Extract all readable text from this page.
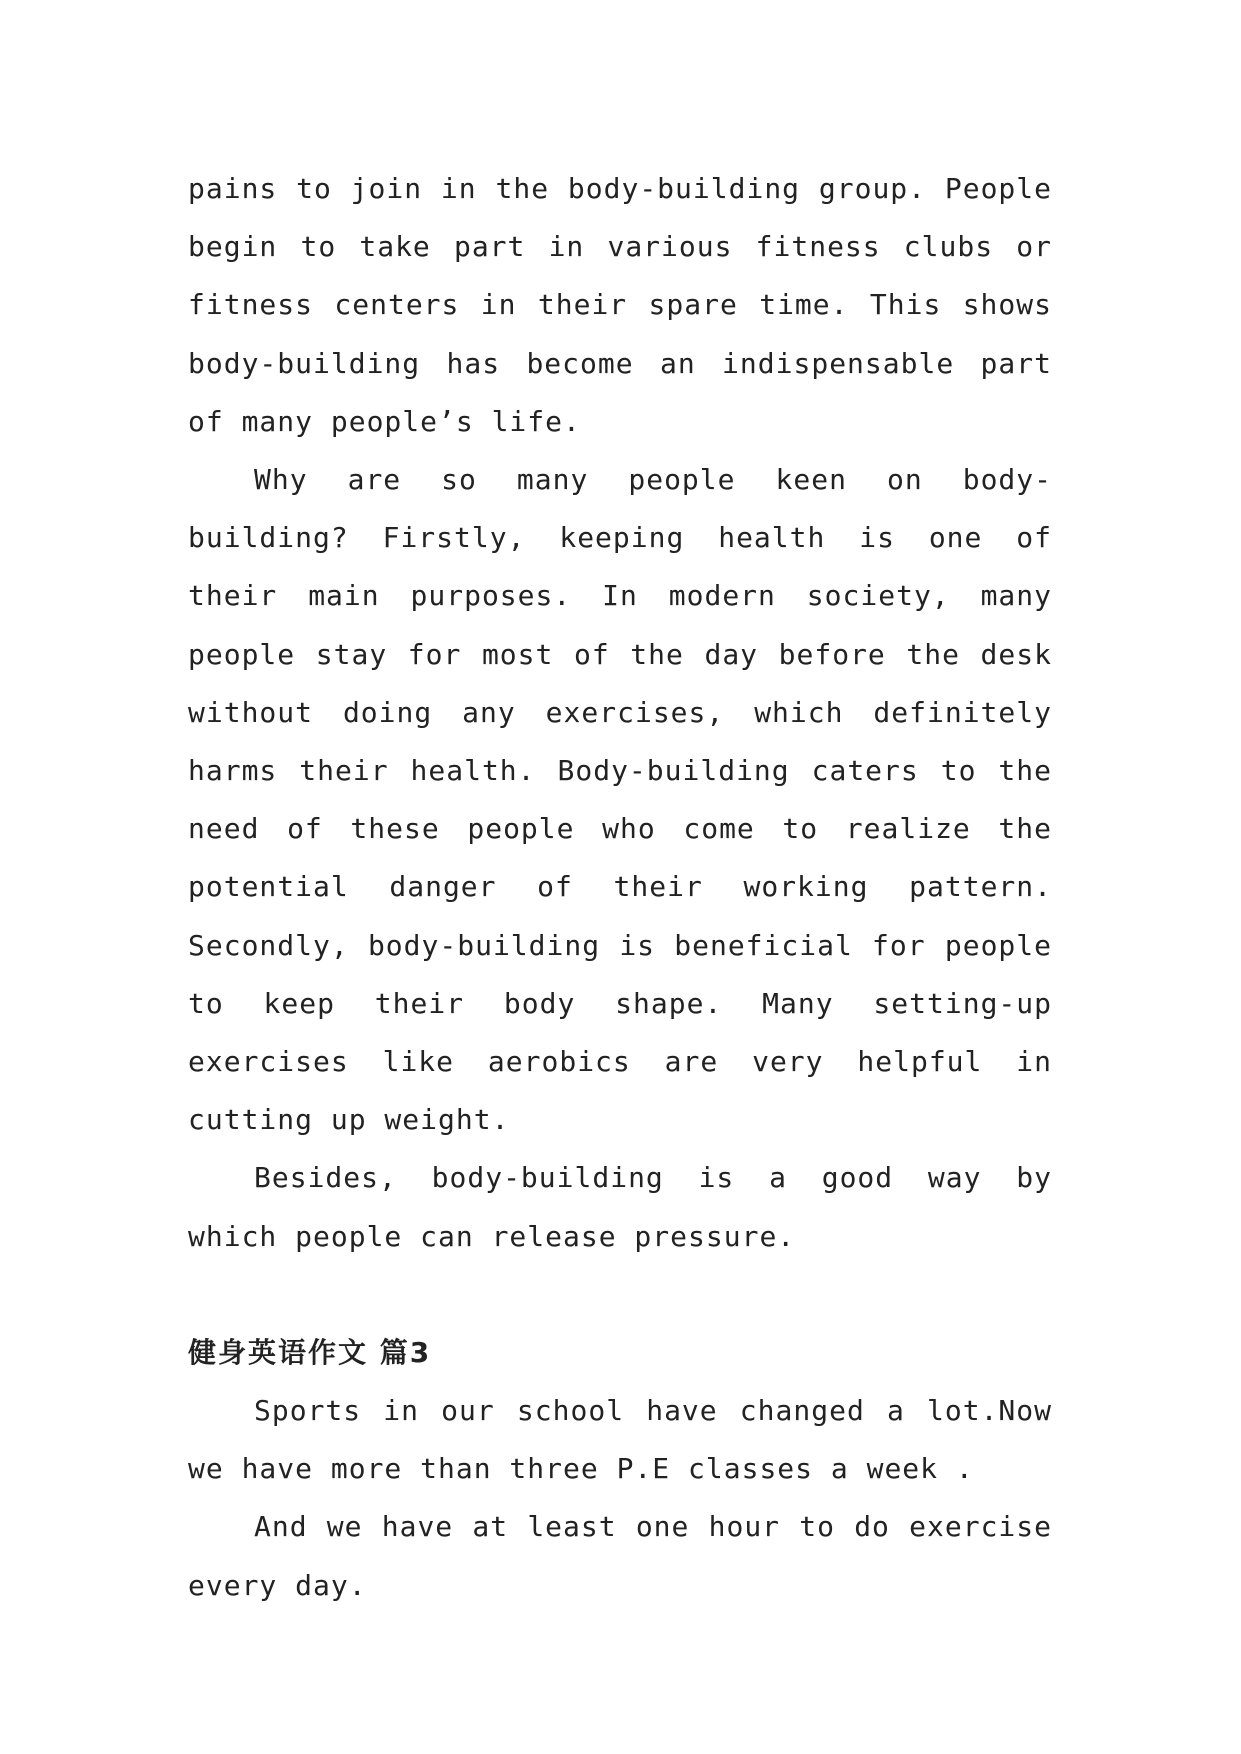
pains to join in the body-building group. People begin to take part in various fitness clubs or fitness centers in their spare time. This shows body-building has become an indispensable part of many people’s life.

Why are so many people keen on body-building? Firstly, keeping health is one of their main purposes. In modern society, many people stay for most of the day before the desk without doing any exercises, which definitely harms their health. Body-building caters to the need of these people who come to realize the potential danger of their working pattern. Secondly, body-building is beneficial for people to keep their body shape. Many setting-up exercises like aerobics are very helpful in cutting up weight.

Besides, body-building is a good way by which people can release pressure.

健身英语作文 篇3

Sports in our school have changed a lot.Now we have more than three P.E classes a week .

And we have at least one hour to do exercise every day.
